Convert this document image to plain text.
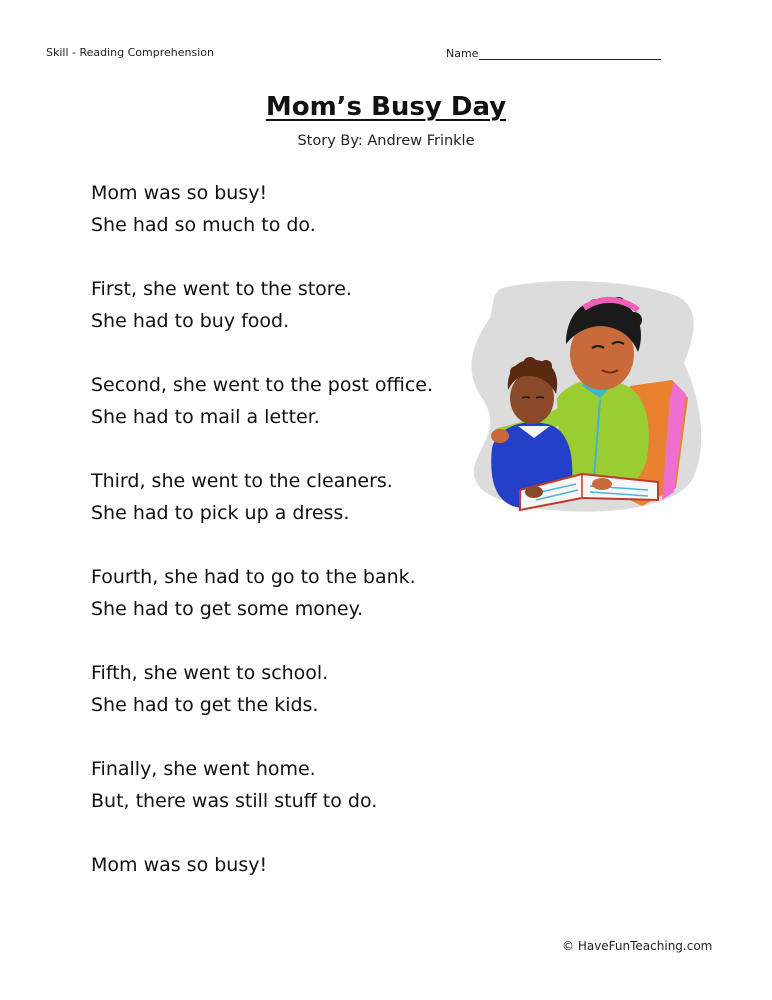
Skill - Reading Comprehension	Name
Mom’s Busy Day
Story By: Andrew Frinkle
Mom was so busy!
She had so much to do.
First, she went to the store.
She had to buy food.
Second, she went to the post office.
She had to mail a letter.
Third, she went to the cleaners.
She had to pick up a dress.
Fourth, she had to go to the bank.
She had to get some money.
Fifth, she went to school.
She had to get the kids.
Finally, she went home.
But, there was still stuff to do.
Mom was so busy!
© HaveFunTeaching.com
